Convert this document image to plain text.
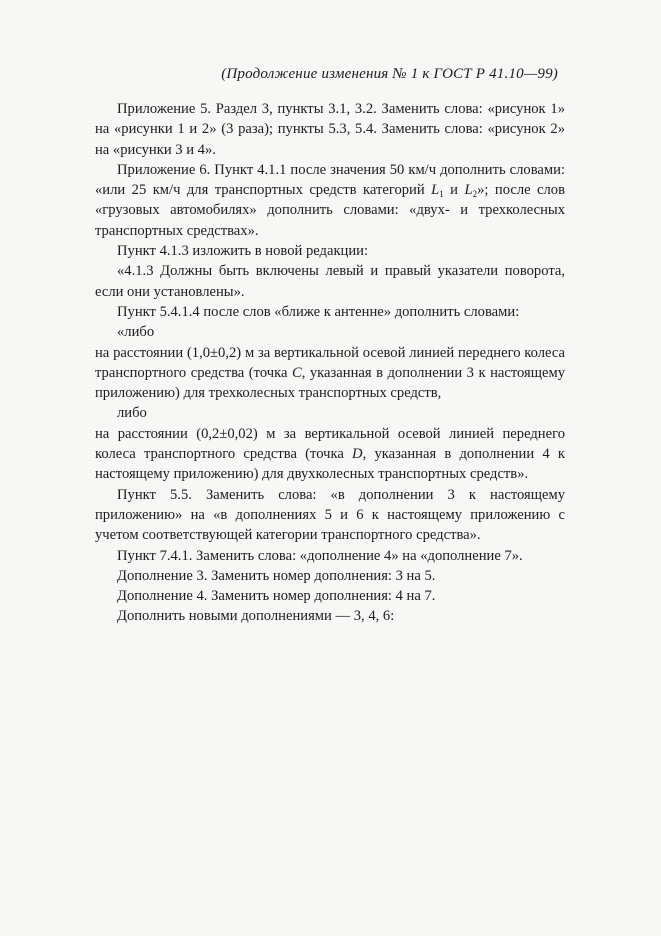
(Продолжение изменения № 1 к ГОСТ Р 41.10—99)

Приложение 5. Раздел 3, пункты 3.1, 3.2. Заменить слова: «рисунок 1» на «рисунки 1 и 2» (3 раза); пункты 5.3, 5.4. Заменить слова: «рисунок 2» на «рисунки 3 и 4».

Приложение 6. Пункт 4.1.1 после значения 50 км/ч дополнить словами: «или 25 км/ч для транспортных средств категорий $L_1$ и $L_2$»; после слов «грузовых автомобилях» дополнить словами: «двух- и трехколесных транспортных средствах».

Пункт 4.1.3 изложить в новой редакции:

«4.1.3 Должны быть включены левый и правый указатели поворота, если они установлены».

Пункт 5.4.1.4 после слов «ближе к антенне» дополнить словами:

«либо

на расстоянии (1,0±0,2) м за вертикальной осевой линией переднего колеса транспортного средства (точка C, указанная в дополнении 3 к настоящему приложению) для трехколесных транспортных средств,

либо

на расстоянии (0,2±0,02) м за вертикальной осевой линией переднего колеса транспортного средства (точка D, указанная в дополнении 4 к настоящему приложению) для двухколесных транспортных средств».

Пункт 5.5. Заменить слова: «в дополнении 3 к настоящему приложению» на «в дополнениях 5 и 6 к настоящему приложению с учетом соответствующей категории транспортного средства».

Пункт 7.4.1. Заменить слова: «дополнение 4» на «дополнение 7».

Дополнение 3. Заменить номер дополнения: 3 на 5.

Дополнение 4. Заменить номер дополнения: 4 на 7.

Дополнить новыми дополнениями — 3, 4, 6:
